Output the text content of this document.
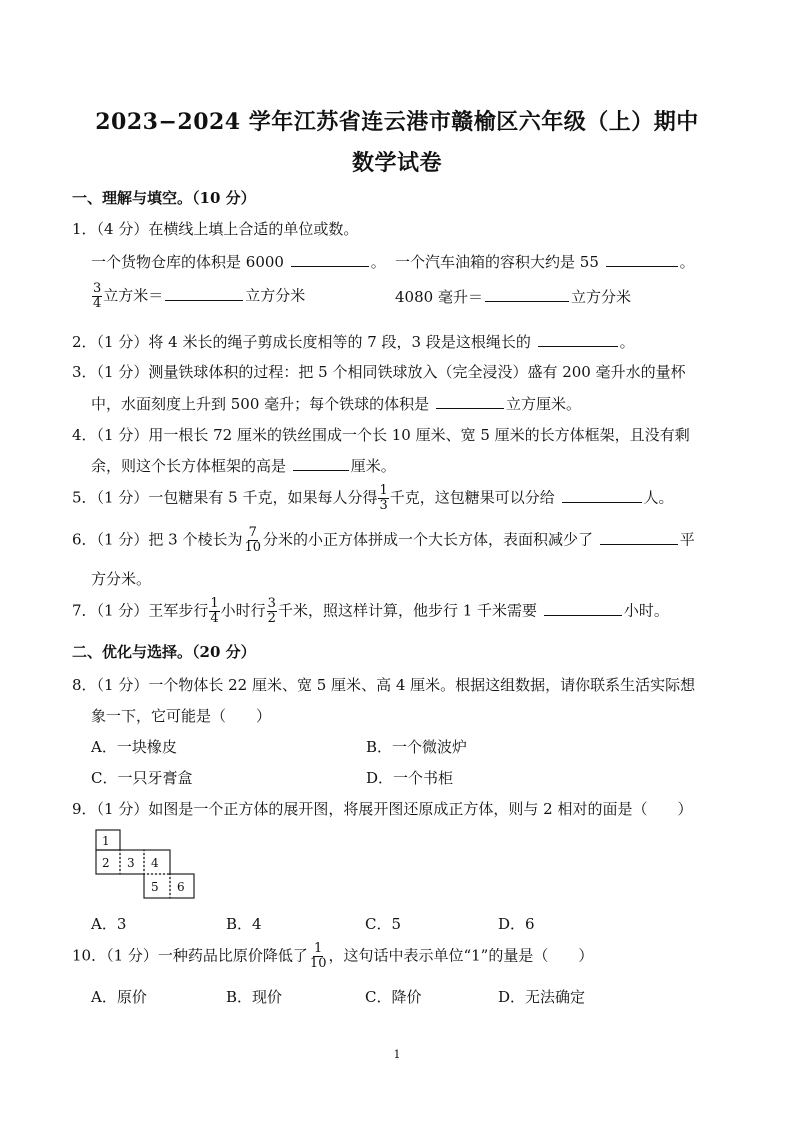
2023−2024 学年江苏省连云港市赣榆区六年级（上）期中
数学试卷
一、理解与填空。（10 分）
1．（4 分）在横线上填上合适的单位或数。
一个货物仓库的体积是 6000	。 一个汽车油箱的容积大约是 55	。
$\frac{3}{4}$ 立方米＝	立方分米	4080 毫升＝	立方分米
2．（1 分）将 4 米长的绳子剪成长度相等的 7 段，3 段是这根绳长的	。
3．（1 分）测量铁球体积的过程：把 5 个相同铁球放入（完全浸没）盛有 200 毫升水的量杯
中，水面刻度上升到 500 毫升；每个铁球的体积是	立方厘米。
4．（1 分）用一根长 72 厘米的铁丝围成一个长 10 厘米、宽 5 厘米的长方体框架，且没有剩
余，则这个长方体框架的高是	厘米。
5．（1 分）一包糖果有 5 千克，如果每人分得 $\frac{1}{3}$ 千克，这包糖果可以分给	人。
6．（1 分）把 3 个棱长为 $\frac{7}{10}$ 分米的小正方体拼成一个大长方体，表面积减少了	平
方分米。
7．（1 分）王军步行 $\frac{1}{4}$ 小时行 $\frac{3}{2}$ 千米，照这样计算，他步行 1 千米需要	小时。
二、优化与选择。（20 分）
8．（1 分）一个物体长 22 厘米、宽 5 厘米、高 4 厘米。根据这组数据，请你联系生活实际想
象一下，它可能是（　　）
A．一块橡皮	B．一个微波炉
C．一只牙膏盒	D．一个书柜
9．（1 分）如图是一个正方体的展开图，将展开图还原成正方体，则与 2 相对的面是（　　）
1
2 3 4
5 6
A．3	B．4	C．5	D．6
10．（1 分）一种药品比原价降低了 $\frac{1}{10}$ ，这句话中表示单位“1”的量是（　　）
A．原价	B．现价	C．降价	D．无法确定
1
